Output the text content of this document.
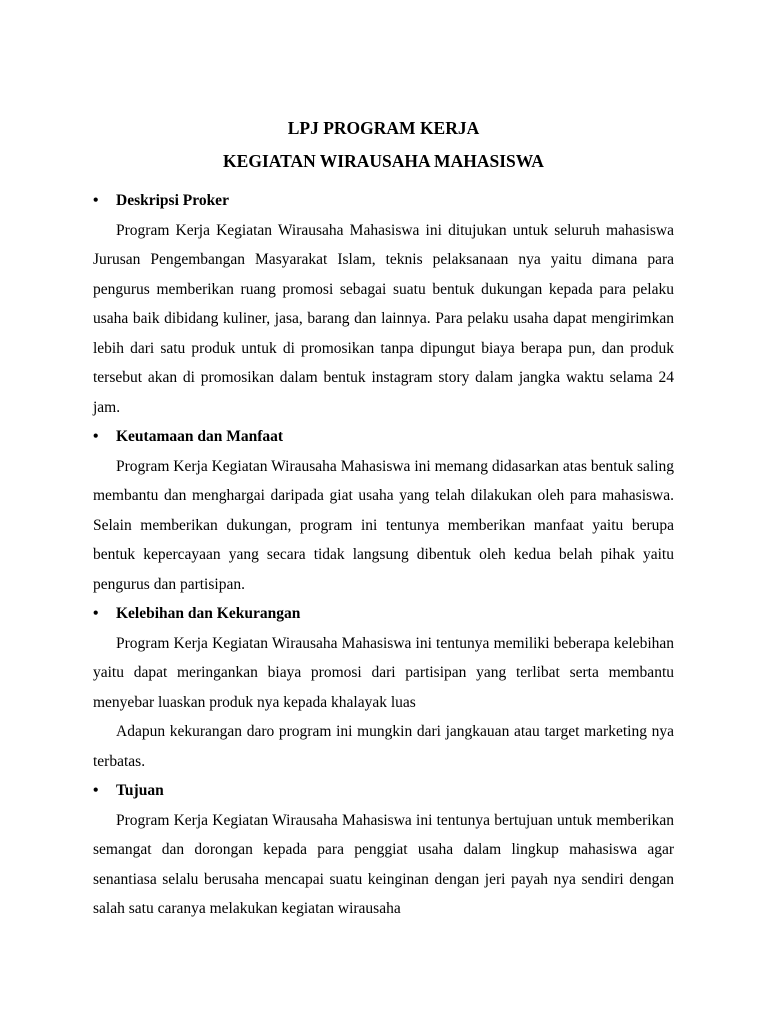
LPJ PROGRAM KERJA

KEGIATAN WIRAUSAHA MAHASISWA

•	Deskripsi Proker

Program Kerja Kegiatan Wirausaha Mahasiswa ini ditujukan untuk seluruh mahasiswa Jurusan Pengembangan Masyarakat Islam, teknis pelaksanaan nya yaitu dimana para pengurus memberikan ruang promosi sebagai suatu bentuk dukungan kepada para pelaku usaha baik dibidang kuliner, jasa, barang dan lainnya. Para pelaku usaha dapat mengirimkan lebih dari satu produk untuk di promosikan tanpa dipungut biaya berapa pun, dan produk tersebut akan di promosikan dalam bentuk instagram story dalam jangka waktu selama 24 jam.

•	Keutamaan dan Manfaat

Program Kerja Kegiatan Wirausaha Mahasiswa ini memang didasarkan atas bentuk saling membantu dan menghargai daripada giat usaha yang telah dilakukan oleh para mahasiswa. Selain memberikan dukungan, program ini tentunya memberikan manfaat yaitu berupa bentuk kepercayaan yang secara tidak langsung dibentuk oleh kedua belah pihak yaitu pengurus dan partisipan.

•	Kelebihan dan Kekurangan

Program Kerja Kegiatan Wirausaha Mahasiswa ini tentunya memiliki beberapa kelebihan yaitu dapat meringankan biaya promosi dari partisipan yang terlibat serta membantu menyebar luaskan produk nya kepada khalayak luas

Adapun kekurangan daro program ini mungkin dari jangkauan atau target marketing nya terbatas.

•	Tujuan

Program Kerja Kegiatan Wirausaha Mahasiswa ini tentunya bertujuan untuk memberikan semangat dan dorongan kepada para penggiat usaha dalam lingkup mahasiswa agar senantiasa selalu berusaha mencapai suatu keinginan dengan jeri payah nya sendiri dengan salah satu caranya melakukan kegiatan wirausaha
